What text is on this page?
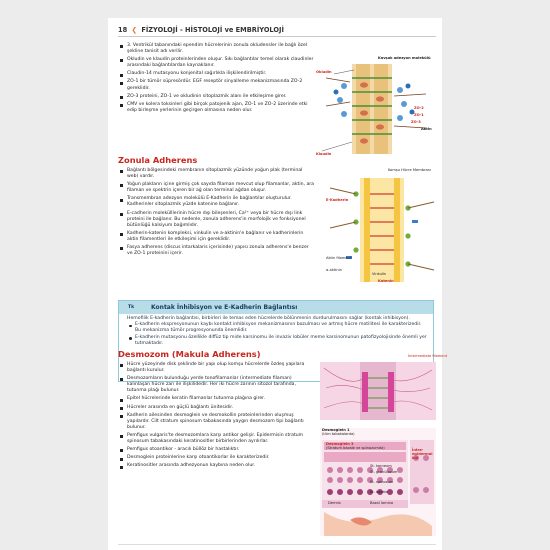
18 ❮ FİZYOLOJİ - HİSTOLOJİ ve EMBRİYOLOJİ
3. Ventrikül tabanındaki ependim hücrelerinin zonula okludensler ile bağlı özel şekline tanisit adı verilir.
Okludin ve klaudin proteinlerinden oluşur. Sıkı bağlantılar temel olarak claudinler arasındaki bağlantılardan kaynaklanır.
Claudin-14 mutasyonu konjenital sağırlıkla ilişkilendirilmiştir.
ZO-1 bir tümör süpresördür. EGF reseptör sinyalleme mekanizmasında ZO-2 gereklidir.
ZO-3 proteini, ZO-1 ve okludinin sitoplazmik alanı ile etkileşime girer.
CMV ve kolera toksinleri gibi birçok patojenik ajan, ZO-1 ve ZO-2 üzerinde etki edip birleşme yerlerinin geçirgen olmasına neden olur.
Kavşak adezyon molekülü
Okludin
ZO-2
ZO-1
ZO-3
Aktin
Klaudin
Zonula Adherens
Bağlantı bölgesindeki membranın sitoplazmik yüzünde yoğun plak (terminal web) vardır.
Yoğun plakların içine girmiş çok sayıda filaman mevcut olup filamanlar, aktin, ara filaman ve spektrin içeren bir ağ olan terminal ağdan oluşur.
Transmembran adezyon molekülü E-Kadherin ile bağlantılar oluşturulur. Kadherinler sitoplazmik yüzde katenine bağlanır.
E-cadherin molekülllerinin hücre dışı bileşenleri, Ca²⁺ veya bir hücre dışı link proteini ile bağlanır. Bu nedenle, zonula adherens'in morfolojik ve fonksiyonel bütünlüğü kalsiyum bağımlıdır.
Kadherin-katenin kompleksi, vinkulin ve a-aktinin'e bağlanır ve kadherinlerin aktin filamentleri ile etkileşimi için gereklidir.
Fasya adherens (discus intarkalaris içerisinde) yapısı zonula adherens'e benzer ve ZO-1 proteinini içerir.
Komşu Hücre Membranı
E-Kadherin
Aktin filament
α-aktinin
Vinkulin
Katenin
Tk	Kontak İnhibisyon ve E-Kadherin Bağlantısı
Hemofilik E-kadherin bağlantısı, birbirleri ile temas eden hücrelerde bölünmenin durdurulmasını sağlar (kontak inhibisyon).
E-kadherin ekspresyonunun kaybı kontakt inhibisyon mekanizmasının bozulması ve artmış hücre motilitesi ile karakterizedir. Bu mekanizma tümör progresyonunda önemlidir.
E-kadherin mutasyonu özellikle diffüz tip mide karsinomu ile invaziv lobüler meme karsinomunun patofizyolojisinde önemli yer tutmaktadır.
Desmozom (Makula Adherens)
Hücre yüzeyinde disk şeklinde bir yapı olup komşu hücrelerde özdeş yapılara bağlantı kurulur.
Desmozomların bulunduğu yerde tonofilamanlar (intermediate filaman) kalınlaşan hücre zarı ile ilişkilidedir. Her iki hücre zarının sitozol tarafında, tutunma plağı bulunur.
Epitel hücrelerinde keratin filamanlar tutunma plağına girer.
Hücreler arasında en güçlü bağlantı ünitesidir.
Kadherin ailesinden desmoglein ve desmokollin proteinlerinden oluşmuş yapılardır. Cilt stratum spinosum tabakasında yaygın desmozom tipi bağlantı bulunur.
Pemfigus vulgaris'te desmozomlara karşı antikor gelişir. Epidermisin stratum spinosum tabakasındaki keratinositler birbirlerinden ayrılırlar.
Pemfigus otoantikor - aracılı büllöz bir hastalıktır.
Desmoglein proteinlerine karşı otoantikorlar ile karakterizedir.
Keratinositler arasında adhezyonun kaybına neden olur.
İntermediate filament
Desmoglein 1
(tüm tabakalarda)
Desmoglein 3
(Stratum bazale ve spinozumda)	İntra-epidermal bül
St. korneum
St. granülozum
St. spinosum
St. bazale
Dermis	Bazal lamina
